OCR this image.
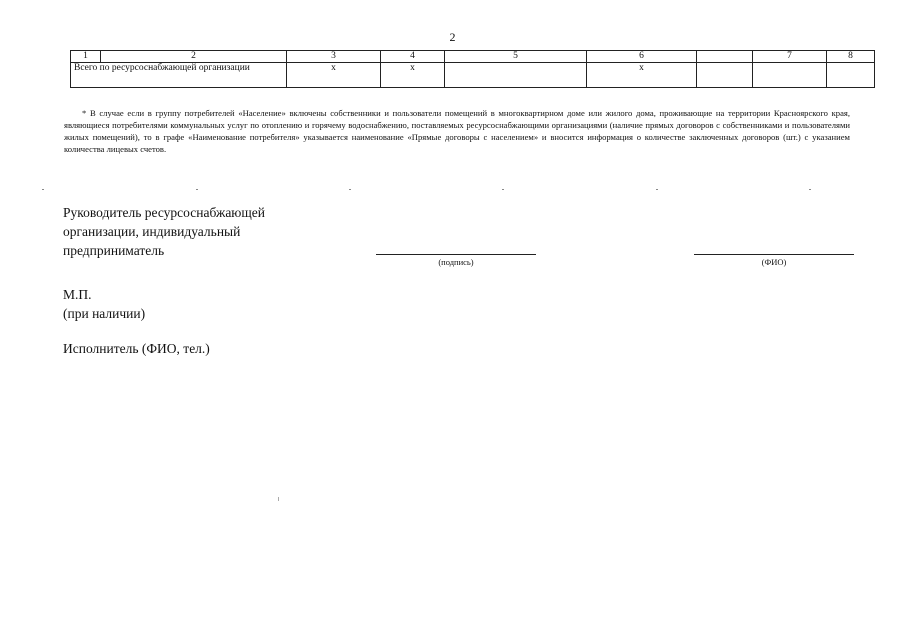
2
1	2	3	4	5	6		7	8
Всего по ресурсоснабжающей организации		x	x		x			
* В случае если в группу потребителей «Население» включены собственники и пользователи помещений в многоквартирном доме или жилого дома, проживающие на территории Красноярского края, являющиеся потребителями коммунальных услуг по отоплению и горячему водоснабжению, поставляемых ресурсоснабжающими организациями (наличие прямых договоров с собственниками и пользователями жилых помещений), то в графе «Наименование потребителя» указывается наименование «Прямые договоры с населением» и вносится информация о количестве заключенных договоров (шт.) с указанием количества лицевых счетов.
Руководитель ресурсоснабжающей
организации, индивидуальный
предприниматель
(подпись)	(ФИО)
М.П.
(при наличии)
Исполнитель (ФИО, тел.)
